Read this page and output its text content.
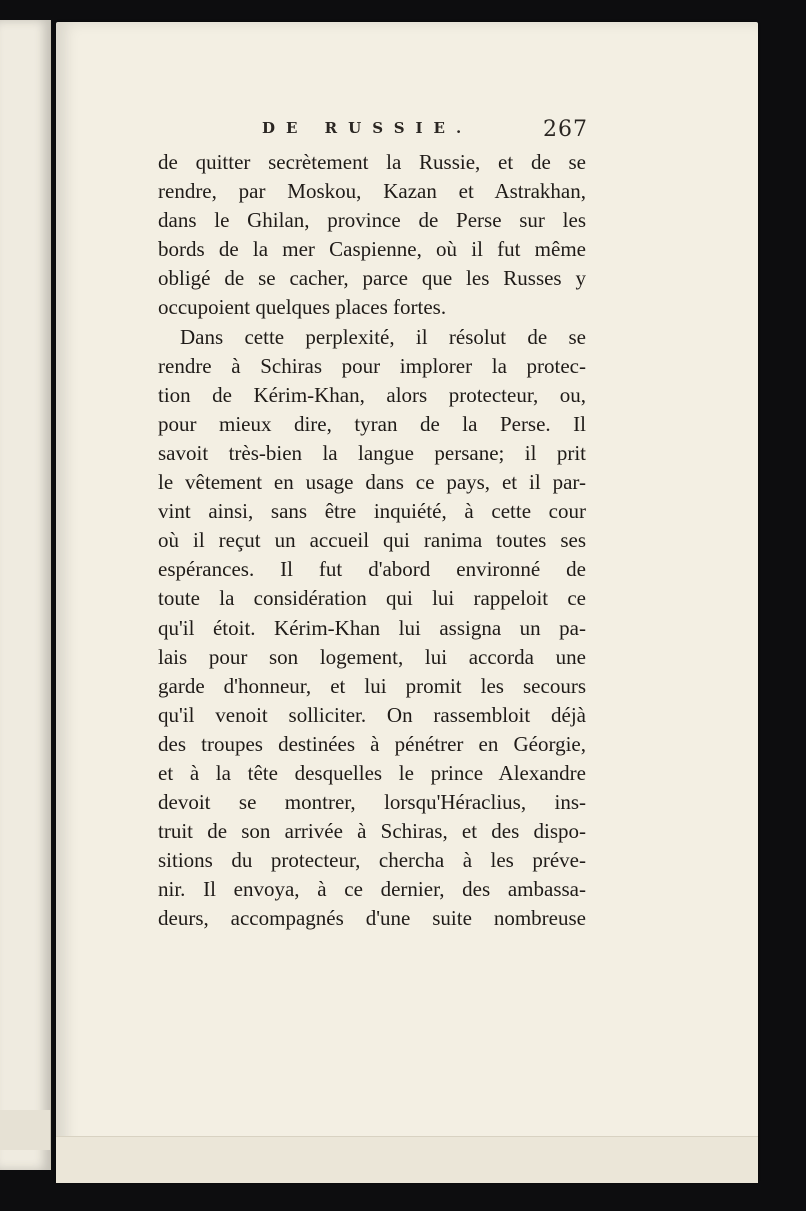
DE RUSSIE.	267
de quitter secrètement la Russie, et de se
rendre, par Moskou, Kazan et Astrakhan,
dans le Ghilan, province de Perse sur les
bords de la mer Caspienne, où il fut même
obligé de se cacher, parce que les Russes y
occupoient quelques places fortes.
Dans cette perplexité, il résolut de se
rendre à Schiras pour implorer la protec-
tion de Kérim-Khan, alors protecteur, ou,
pour mieux dire, tyran de la Perse. Il
savoit très-bien la langue persane; il prit
le vêtement en usage dans ce pays, et il par-
vint ainsi, sans être inquiété, à cette cour
où il reçut un accueil qui ranima toutes ses
espérances. Il fut d'abord environné de
toute la considération qui lui rappeloit ce
qu'il étoit. Kérim-Khan lui assigna un pa-
lais pour son logement, lui accorda une
garde d'honneur, et lui promit les secours
qu'il venoit solliciter. On rassembloit déjà
des troupes destinées à pénétrer en Géorgie,
et à la tête desquelles le prince Alexandre
devoit se montrer, lorsqu'Héraclius, ins-
truit de son arrivée à Schiras, et des dispo-
sitions du protecteur, chercha à les préve-
nir. Il envoya, à ce dernier, des ambassa-
deurs, accompagnés d'une suite nombreuse
